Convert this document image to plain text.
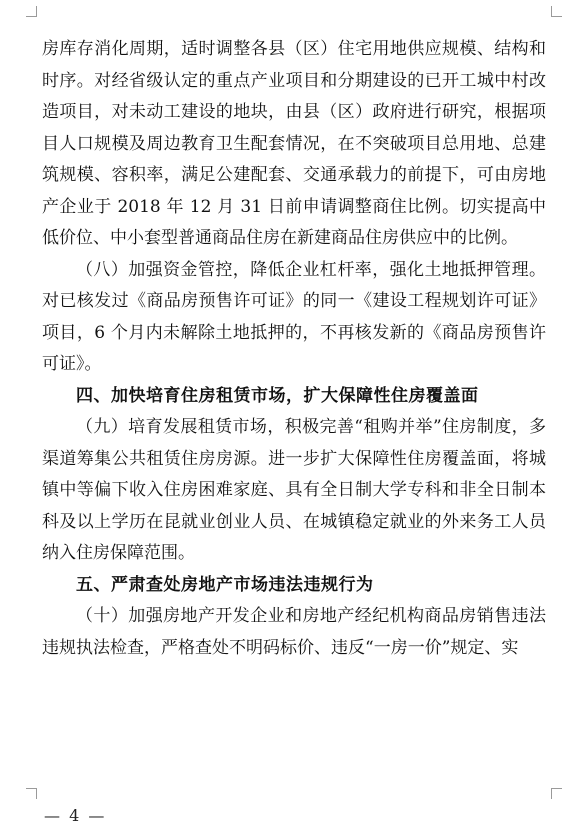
房库存消化周期，适时调整各县（区）住宅用地供应规模、结构和时序。对经省级认定的重点产业项目和分期建设的已开工城中村改造项目，对未动工建设的地块，由县（区）政府进行研究，根据项目人口规模及周边教育卫生配套情况，在不突破项目总用地、总建筑规模、容积率，满足公建配套、交通承载力的前提下，可由房地产企业于 2018 年 12 月 31 日前申请调整商住比例。切实提高中低价位、中小套型普通商品住房在新建商品住房供应中的比例。

（八）加强资金管控，降低企业杠杆率，强化土地抵押管理。对已核发过《商品房预售许可证》的同一《建设工程规划许可证》项目，6 个月内未解除土地抵押的，不再核发新的《商品房预售许可证》。

四、加快培育住房租赁市场，扩大保障性住房覆盖面

（九）培育发展租赁市场，积极完善“租购并举”住房制度，多渠道筹集公共租赁住房房源。进一步扩大保障性住房覆盖面，将城镇中等偏下收入住房困难家庭、具有全日制大学专科和非全日制本科及以上学历在昆就业创业人员、在城镇稳定就业的外来务工人员纳入住房保障范围。

五、严肃查处房地产市场违法违规行为

（十）加强房地产开发企业和房地产经纪机构商品房销售违法违规执法检查，严格查处不明码标价、违反“一房一价”规定、实

— 4 —
